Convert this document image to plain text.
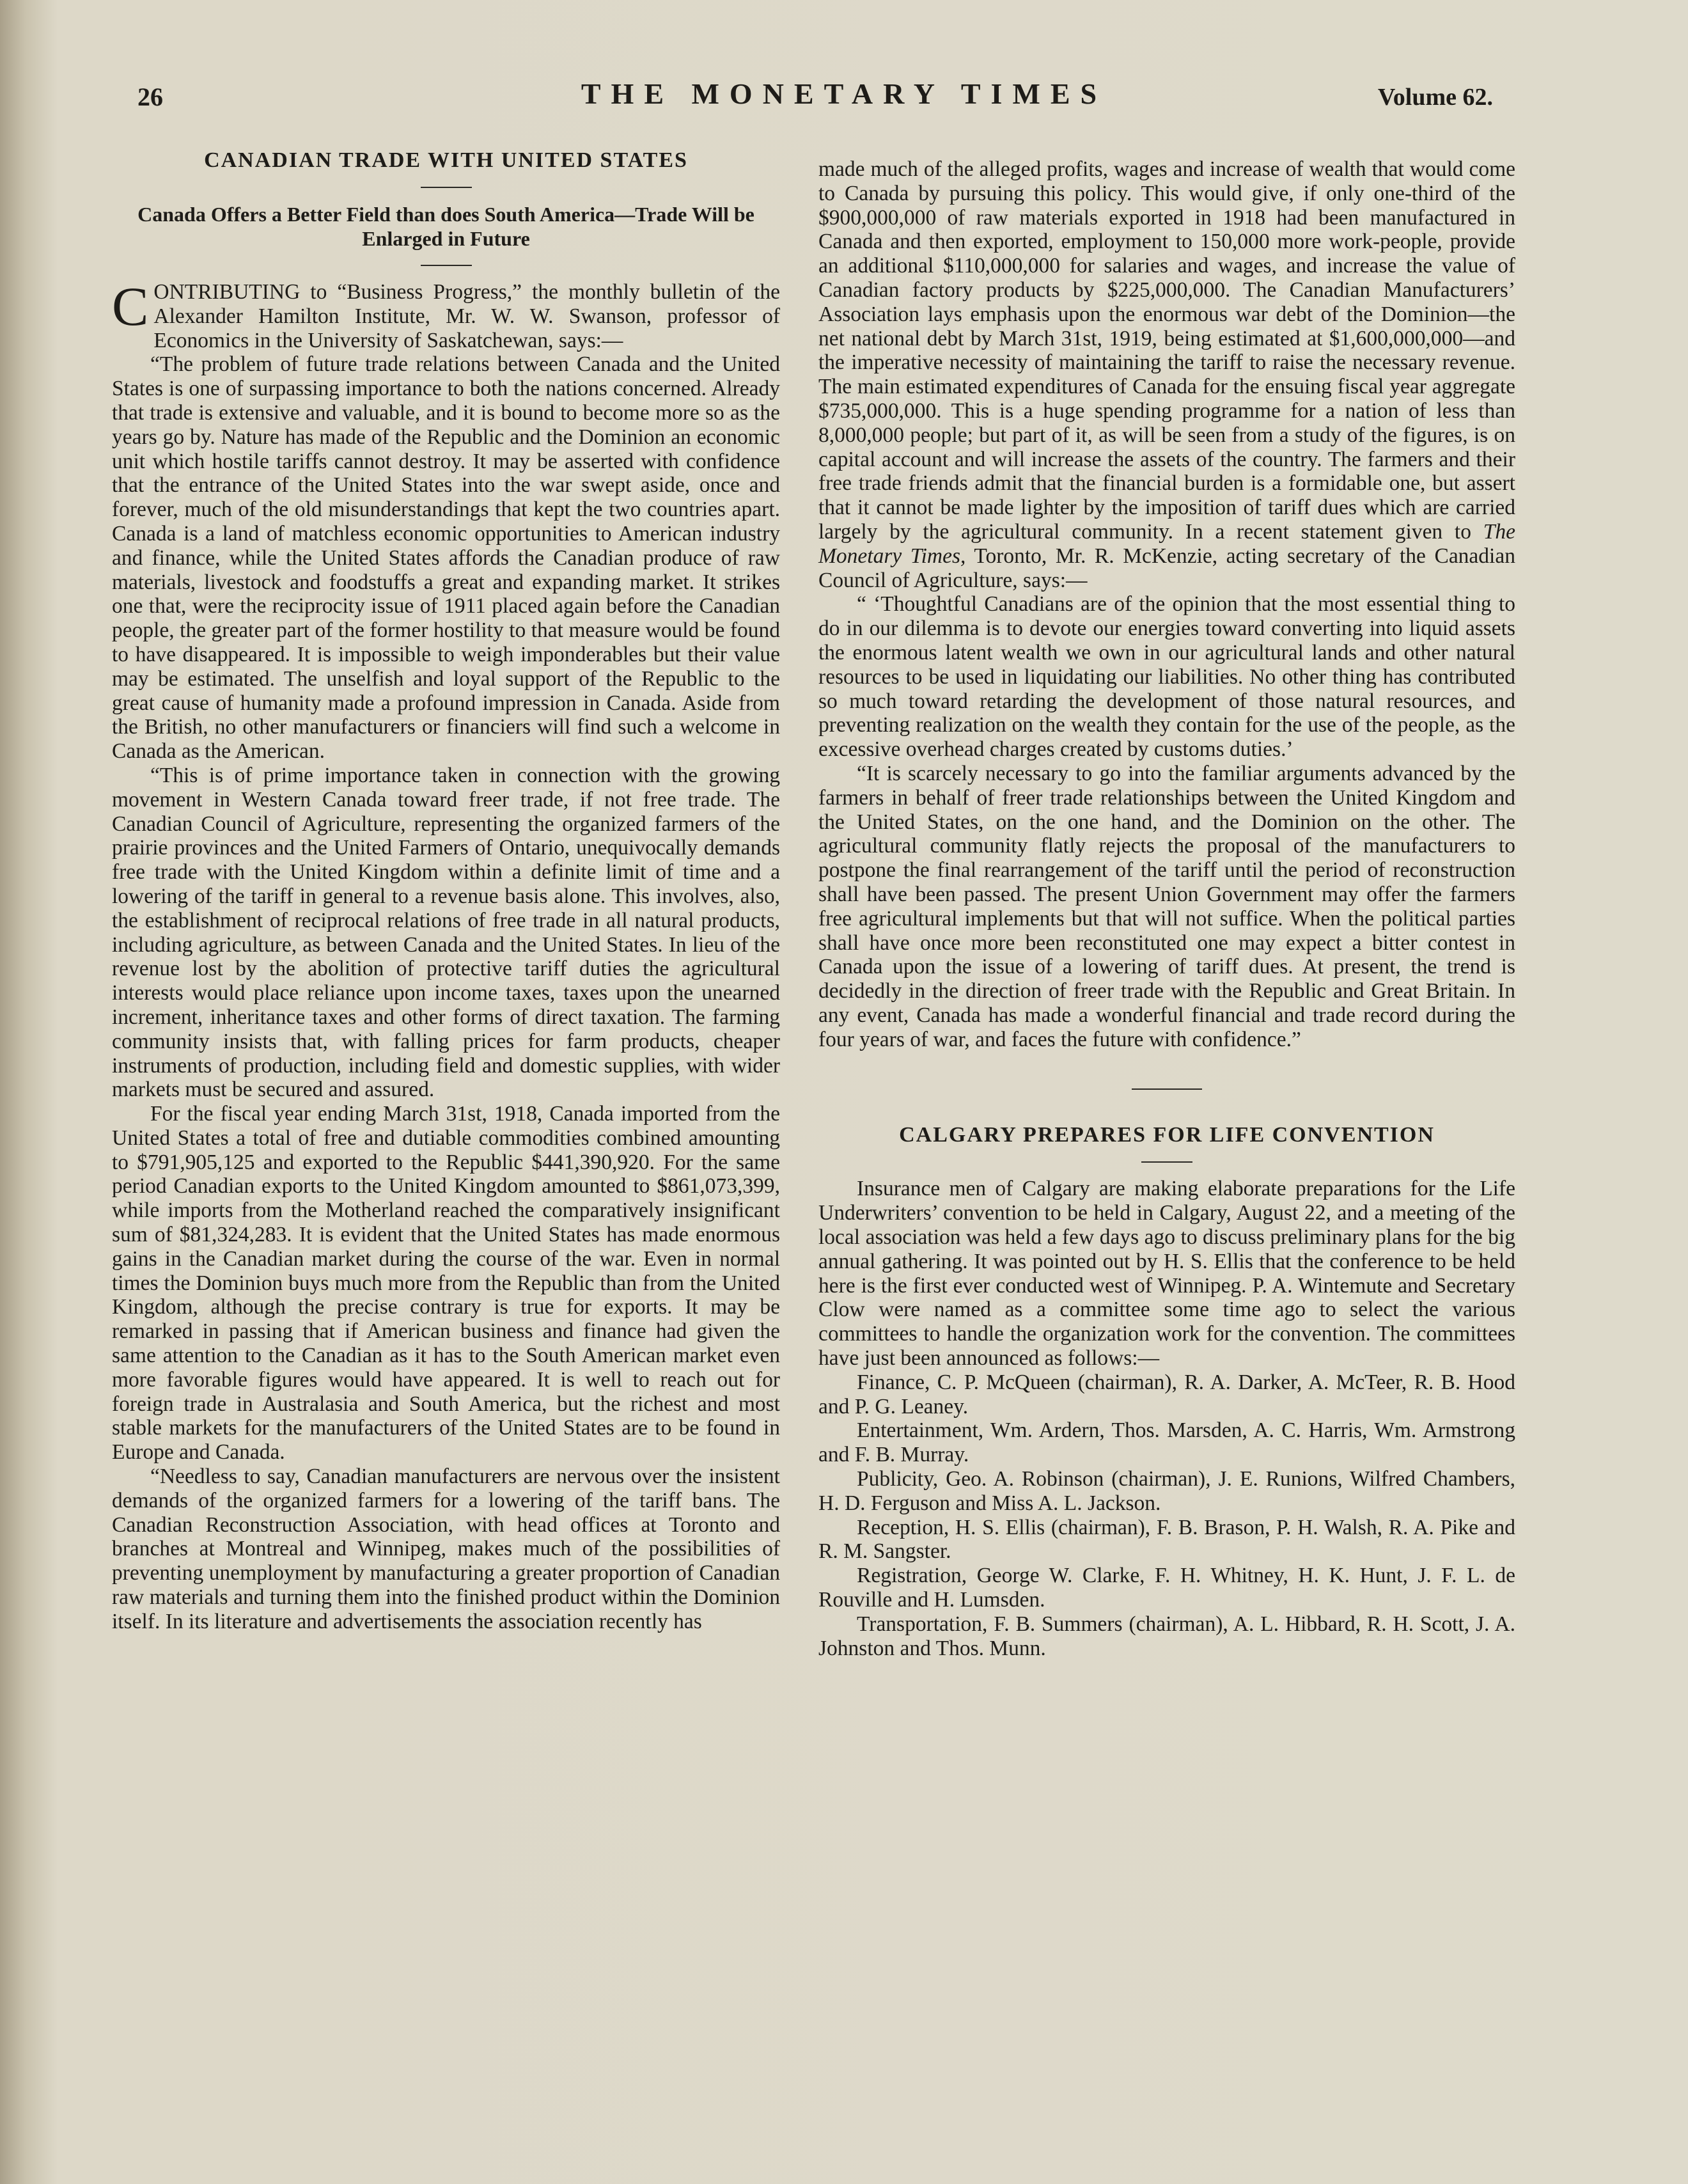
26	THE MONETARY TIMES	Volume 62.
CANADIAN TRADE WITH UNITED STATES
Canada Offers a Better Field than does South America—Trade Will be Enlarged in Future

CONTRIBUTING to “Business Progress,” the monthly bulletin of the Alexander Hamilton Institute, Mr. W. W. Swanson, professor of Economics in the University of Saskatchewan, says:—

“The problem of future trade relations between Canada and the United States is one of surpassing importance to both the nations concerned. Already that trade is extensive and valuable, and it is bound to become more so as the years go by. Nature has made of the Republic and the Dominion an economic unit which hostile tariffs cannot destroy. It may be asserted with confidence that the entrance of the United States into the war swept aside, once and forever, much of the old misunderstandings that kept the two countries apart. Canada is a land of matchless economic opportunities to American industry and finance, while the United States affords the Canadian produce of raw materials, livestock and foodstuffs a great and expanding market. It strikes one that, were the reciprocity issue of 1911 placed again before the Canadian people, the greater part of the former hostility to that measure would be found to have disappeared. It is impossible to weigh imponderables but their value may be estimated. The unselfish and loyal support of the Republic to the great cause of humanity made a profound impression in Canada. Aside from the British, no other manufacturers or financiers will find such a welcome in Canada as the American.

“This is of prime importance taken in connection with the growing movement in Western Canada toward freer trade, if not free trade. The Canadian Council of Agriculture, representing the organized farmers of the prairie provinces and the United Farmers of Ontario, unequivocally demands free trade with the United Kingdom within a definite limit of time and a lowering of the tariff in general to a revenue basis alone. This involves, also, the establishment of reciprocal relations of free trade in all natural products, including agriculture, as between Canada and the United States. In lieu of the revenue lost by the abolition of protective tariff duties the agricultural interests would place reliance upon income taxes, taxes upon the unearned increment, inheritance taxes and other forms of direct taxation. The farming community insists that, with falling prices for farm products, cheaper instruments of production, including field and domestic supplies, with wider markets must be secured and assured.

For the fiscal year ending March 31st, 1918, Canada imported from the United States a total of free and dutiable commodities combined amounting to $791,905,125 and exported to the Republic $441,390,920. For the same period Canadian exports to the United Kingdom amounted to $861,073,399, while imports from the Motherland reached the comparatively insignificant sum of $81,324,283. It is evident that the United States has made enormous gains in the Canadian market during the course of the war. Even in normal times the Dominion buys much more from the Republic than from the United Kingdom, although the precise contrary is true for exports. It may be remarked in passing that if American business and finance had given the same attention to the Canadian as it has to the South American market even more favorable figures would have appeared. It is well to reach out for foreign trade in Australasia and South America, but the richest and most stable markets for the manufacturers of the United States are to be found in Europe and Canada.

“Needless to say, Canadian manufacturers are nervous over the insistent demands of the organized farmers for a lowering of the tariff bans. The Canadian Reconstruction Association, with head offices at Toronto and branches at Montreal and Winnipeg, makes much of the possibilities of preventing unemployment by manufacturing a greater proportion of Canadian raw materials and turning them into the finished product within the Dominion itself. In its literature and advertisements the association recently has

made much of the alleged profits, wages and increase of wealth that would come to Canada by pursuing this policy. This would give, if only one-third of the $900,000,000 of raw materials exported in 1918 had been manufactured in Canada and then exported, employment to 150,000 more work-people, provide an additional $110,000,000 for salaries and wages, and increase the value of Canadian factory products by $225,000,000. The Canadian Manufacturers’ Association lays emphasis upon the enormous war debt of the Dominion—the net national debt by March 31st, 1919, being estimated at $1,600,000,000—and the imperative necessity of maintaining the tariff to raise the necessary revenue. The main estimated expenditures of Canada for the ensuing fiscal year aggregate $735,000,000. This is a huge spending programme for a nation of less than 8,000,000 people; but part of it, as will be seen from a study of the figures, is on capital account and will increase the assets of the country. The farmers and their free trade friends admit that the financial burden is a formidable one, but assert that it cannot be made lighter by the imposition of tariff dues which are carried largely by the agricultural community. In a recent statement given to The Monetary Times, Toronto, Mr. R. McKenzie, acting secretary of the Canadian Council of Agriculture, says:—

“ ‘Thoughtful Canadians are of the opinion that the most essential thing to do in our dilemma is to devote our energies toward converting into liquid assets the enormous latent wealth we own in our agricultural lands and other natural resources to be used in liquidating our liabilities. No other thing has contributed so much toward retarding the development of those natural resources, and preventing realization on the wealth they contain for the use of the people, as the excessive overhead charges created by customs duties.’

“It is scarcely necessary to go into the familiar arguments advanced by the farmers in behalf of freer trade relationships between the United Kingdom and the United States, on the one hand, and the Dominion on the other. The agricultural community flatly rejects the proposal of the manufacturers to postpone the final rearrangement of the tariff until the period of reconstruction shall have been passed. The present Union Government may offer the farmers free agricultural implements but that will not suffice. When the political parties shall have once more been reconstituted one may expect a bitter contest in Canada upon the issue of a lowering of tariff dues. At present, the trend is decidedly in the direction of freer trade with the Republic and Great Britain. In any event, Canada has made a wonderful financial and trade record during the four years of war, and faces the future with confidence.”

CALGARY PREPARES FOR LIFE CONVENTION

Insurance men of Calgary are making elaborate preparations for the Life Underwriters’ convention to be held in Calgary, August 22, and a meeting of the local association was held a few days ago to discuss preliminary plans for the big annual gathering. It was pointed out by H. S. Ellis that the conference to be held here is the first ever conducted west of Winnipeg. P. A. Wintemute and Secretary Clow were named as a committee some time ago to select the various committees to handle the organization work for the convention. The committees have just been announced as follows:—

Finance, C. P. McQueen (chairman), R. A. Darker, A. McTeer, R. B. Hood and P. G. Leaney.

Entertainment, Wm. Ardern, Thos. Marsden, A. C. Harris, Wm. Armstrong and F. B. Murray.

Publicity, Geo. A. Robinson (chairman), J. E. Runions, Wilfred Chambers, H. D. Ferguson and Miss A. L. Jackson.

Reception, H. S. Ellis (chairman), F. B. Brason, P. H. Walsh, R. A. Pike and R. M. Sangster.

Registration, George W. Clarke, F. H. Whitney, H. K. Hunt, J. F. L. de Rouville and H. Lumsden.

Transportation, F. B. Summers (chairman), A. L. Hibbard, R. H. Scott, J. A. Johnston and Thos. Munn.
